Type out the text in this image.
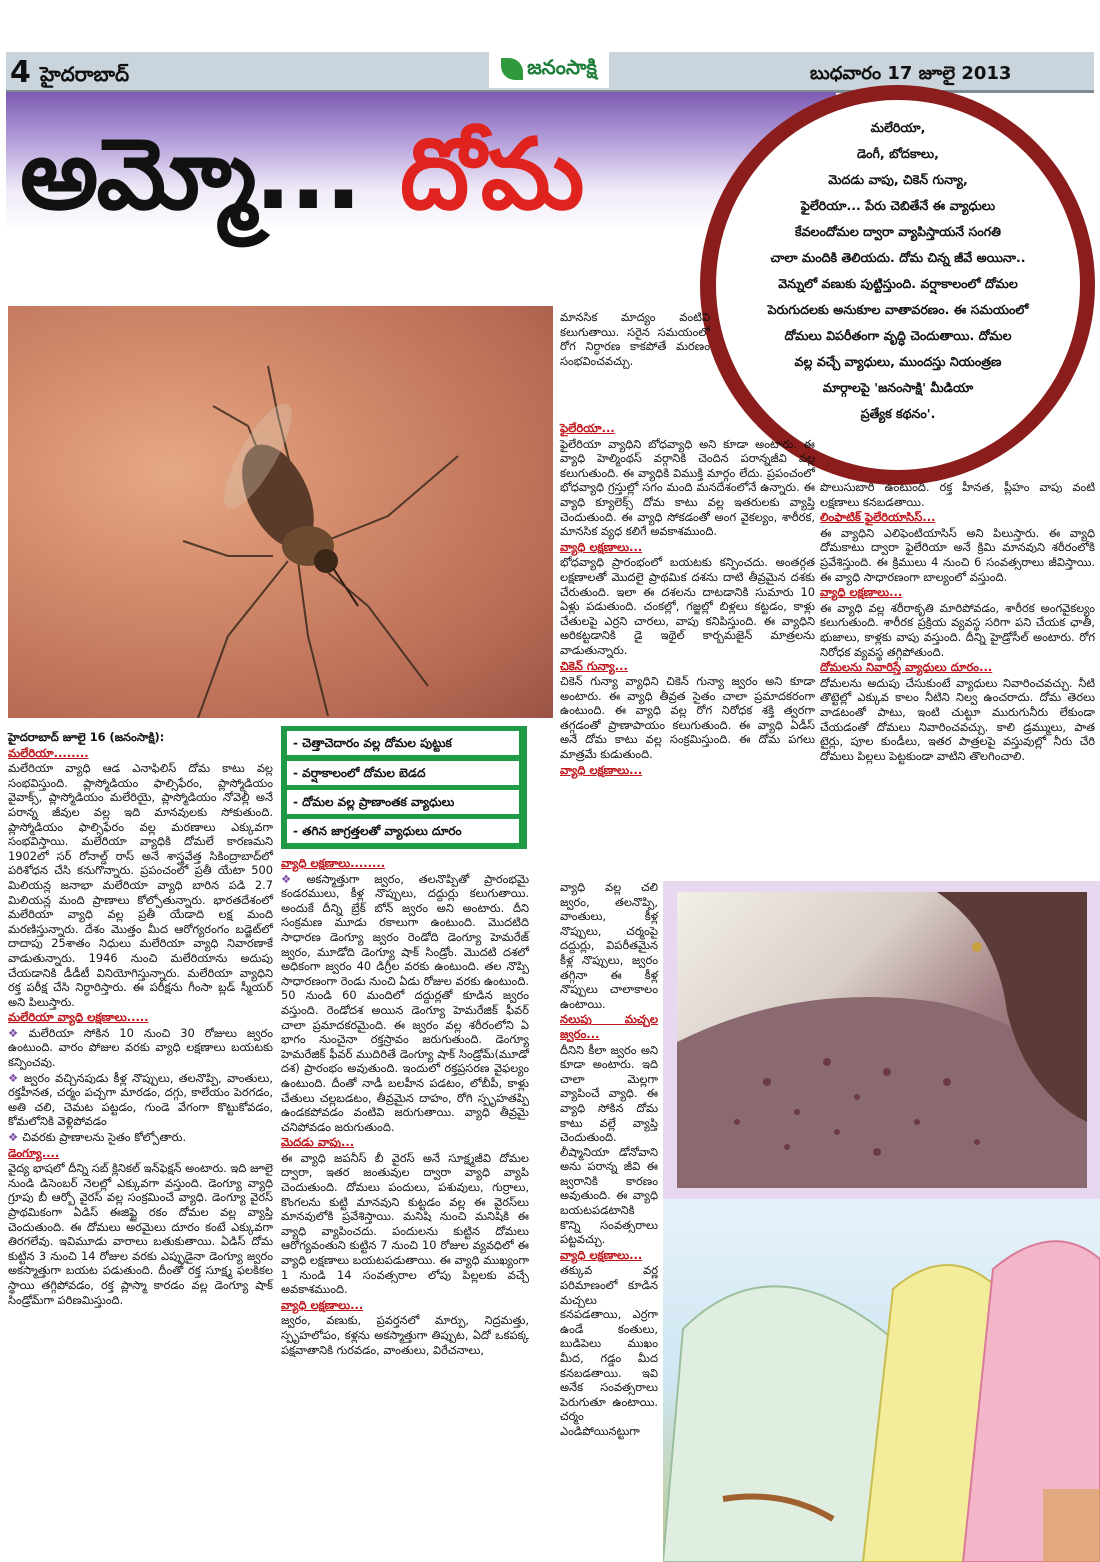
4 హైదరాబాద్	జనంసాక్షి	బుధవారం 17 జూలై 2013
అమ్మో... దోమ	మలేరియా,
డెంగీ, బోదకాలు,
మెదడు వాపు, చికెన్ గున్యా,
ఫైలేరియా... పేరు చెబితేనే ఈ వ్యాధులు
కేవలందోమల ద్వారా వ్యాపిస్తాయనే సంగతి
చాలా మందికి తెలియదు. దోమ చిన్న జీవే అయినా..
వెన్నులో వణుకు పుట్టిస్తుంది. వర్షాకాలంలో దోమల
పెరుగుదలకు అనుకూల వాతావరణం. ఈ సమయంలో
దోమలు విపరీతంగా వృద్ధి చెందుతాయి. దోమల
వల్ల వచ్చే వ్యాధులు, ముందస్తు నియంత్రణ
మార్గాలపై 'జనంసాక్షి' మీడియా
ప్రత్యేక కథనం'.
- చెత్తాచెదారం వల్ల దోమల పుట్టుక
- వర్షాకాలంలో దోమల బెడద
- దోమల వల్ల ప్రాణాంతక వ్యాధులు
- తగిన జాగ్రత్తలతో వ్యాధులు దూరం

హైదరాబాద్ జూలై 16 (జనంసాక్షి):

మలేరియా........

మలేరియా వ్యాధి ఆడ ఎనాఫిలిస్ దోమ కాటు వల్ల సంభవిస్తుంది. ప్లాస్మోడియం ఫాల్సిఫేరం, ప్లాస్మోడియం వైవాక్స్, ప్లాస్మోడియం మలేరియై, ప్లాస్మోడియం నోవెల్లీ అనే పరాన్న జీవుల వల్ల ఇది మానవులకు సోకుతుంది. ప్లాస్మోడియం ఫాల్సిఫేరం వల్ల మరణాలు ఎక్కువగా సంభవిస్తాయి. మలేరియా వ్యాధికి దోమలే కారణమని 1902లో సర్ రోనాల్డ్ రాస్ అనే శాస్త్రవేత్త సికింద్రాబాద్‌లో పరిశోధన చేసి కనుగొన్నారు. ప్రపంచంలో ప్రతీ యేటా 500 మిలియన్ల జనాభా మలేరియా వ్యాధి బారిన పడి 2.7 మిలియన్ల మంది ప్రాణాలు కోల్పోతున్నారు. భారతదేశంలో మలేరియా వ్యాధి వల్ల ప్రతీ యేడాది లక్ష మంది మరణిస్తున్నారు. దేశం మొత్తం మీద ఆరోగ్యరంగం బడ్జెట్‌లో దాదాపు 25శాతం నిధులు మలేరియా వ్యాధి నివారణాకే వాడుతున్నారు. 1946 నుంచి మలేరియాను అదుపు చేయడానికి డీడీటీ వినియోగిస్తున్నారు. మలేరియా వ్యాధిని రక్త పరీక్ష చేసి నిర్ధారిస్తారు. ఈ పరీక్షను గీంసా బ్లడ్ స్మీయర్ అని పిలుస్తారు.

మలేరియా వ్యాధి లక్షణాలు.....

❖ మలేరియా సోకిన 10 నుంచి 30 రోజులు జ్వరం ఉంటుంది. వారం పోజుల వరకు వ్యాధి లక్షణాలు బయటకు కన్పించవు.

❖ జ్వరం వచ్చినపుడు కీళ్ల నొప్పులు, తలనొప్పి, వాంతులు, రక్తహీనత, చర్మం పచ్చగా మారడం, దగ్గు, కాలేయం పెరగడం, అతి చలి, చెమట పట్టడం, గుండె వేగంగా కొట్టుకోవడం, కోమలోనికి వెళ్లిపోవడం

❖ చివరకు ప్రాణాలను సైతం కోల్పోతారు.

డెంగ్యూ....

వైద్య భాషలో దీన్ని సబ్ క్లినికల్ ఇన్‌ఫెక్షన్ అంటారు. ఇది జూలై నుండి డిసెంబర్ నెలల్లో ఎక్కువగా వస్తుంది. డెంగ్యూ వ్యాధి గ్రూపు బీ ఆర్బో వైరస్ వల్ల సంక్రమించే వ్యాధి. డెంగ్యూ వైరస్ ప్రాథమికంగా ఏడిస్ ఈజిప్టై రకం దోమల వల్ల వ్యాప్తి చెందుతుంది. ఈ దోమలు అరమైలు దూరం కంటే ఎక్కువగా తిరగలేవు. ఇవిమూడు వారాలు బతుకుతాయి. ఏడిస్ దోమ కుట్టిన 3 నుంచి 14 రోజుల వరకు ఎప్పుడైనా డెంగ్యూ జ్వరం అకస్మాత్తుగా బయట పడుతుంది. దీంతో రక్త సూక్ష్మ ఫలకికల స్థాయి తగ్గిపోవడం, రక్త ప్లాస్మా కారడం వల్ల డెంగ్యూ షాక్ సిండ్రోమ్‌గా పరిణమిస్తుంది.

వ్యాధి లక్షణాలు........

❖ అకస్మాత్తుగా జ్వరం, తలనొప్పితో ప్రారంభమై కండరములు, కీళ్ల నొప్పులు, దద్దుర్లు కలుగుతాయి. అందుకే దీన్ని బ్రేక్ బోన్ జ్వరం అని అంటారు. దీని సంక్రమణ మూడు రకాలుగా ఉంటుంది. మొదటిది సాధారణ డెంగ్యూ జ్వరం రెండోది డెంగ్యూ హెమరేజ్ జ్వరం, మూడోది డెంగ్యూ షాక్ సిండ్రోం. మొదటి దశలో అధికంగా జ్వరం 40 డిగ్రీల వరకు ఉంటుంది. తల నొప్పి సాధారణంగా రెండు నుంచి ఏడు రోజుల వరకు ఉంటుంది. 50 నుండి 60 మందిలో దద్దుర్లతో కూడిన జ్వరం వస్తుంది. రెండోదశ అయిన డెంగ్యూ హెమరేజిక్ ఫీవర్ చాలా ప్రమాదకరమైంది. ఈ జ్వరం వల్ల శరీరంలోని ఏ భాగం నుంచైనా రక్తస్రావం జరుగుతుంది. డెంగ్యూ హెమరేజిక్ ఫీవర్ ముదిరితే డెంగ్యూ షాక్ సిండ్రోమ్(మూడో దశ) ప్రారంభం అవుతుంది. ఇందులో రక్తప్రసరణ వైఫల్యం ఉంటుంది. దీంతో నాడీ బలహీన పడటం, లోబీపీ, కాళ్లు చేతులు చల్లబడటం, తీవ్రమైన దాహం, రోగి స్పృహతప్పి ఉండకపోవడం వంటివి జరుగుతాయి. వ్యాధి తీవ్రమై చనిపోవడం జరుగుతుంది.

మెదడు వాపు...

ఈ వ్యాధి జపనీస్ బీ వైరస్ అనే సూక్ష్మజీవి దోమల ద్వారా, ఇతర జంతువుల ద్వారా వ్యాధి వ్యాపి చెందుతుంది. దోమలు పందులు, పశువులు, గుర్రాలు, కొంగలను కుట్టి మానవుని కుట్టడం వల్ల ఈ వైరస్‌లు మానవులోకి ప్రవేశిస్తాయి. మనిషి నుంచి మనిషికి ఈ వ్యాధి వ్యాపించదు. పందులను కుట్టిన దోమలు ఆరోగ్యవంతుని కుట్టిన 7 నుంచి 10 రోజుల వ్యవధిలో ఈ వ్యాధి లక్షణాలు బయటపడుతాయి. ఈ వ్యాధి ముఖ్యంగా 1 నుండి 14 సంవత్సరాల లోపు పిల్లలకు వచ్చే అవకాశముంది.

వ్యాధి లక్షణాలు...

జ్వరం, వణుకు, ప్రవర్తనలో మార్పు, నిద్రమత్తు, స్పృహలోపం, కళ్లను అకస్మాత్తుగా తిప్పుట, ఏదో ఒకపక్క పక్షవాతానికి గురవడం, వాంతులు, విరేచనాలు,

మానసిక మాద్యం వంటివి కలుగుతాయి. సరైన సమయంలో రోగ నిర్ధారణ కాకపోతే మరణం సంభవించవచ్చు.

ఫైలేరియా...

ఫైలేరియా వ్యాధిని బోధవ్యాధి అని కూడా అంటారు. ఈ వ్యాధి హెల్మింథస్ వర్గానికి చెందిన పరాన్నజీవి వల్ల కలుగుతుంది. ఈ వ్యాధికి విముక్తి మార్గం లేదు. ప్రపంచంలో భోధవ్యాధి గ్రస్తుల్లో సగం మంది మనదేశంలోనే ఉన్నారు. ఈ వ్యాధి క్యూలెక్స్ దోమ కాటు వల్ల ఇతరులకు వ్యాప్తి చెందుతుంది. ఈ వ్యాధి సోకడంతో అంగ వైకల్యం, శారీరక, మానసిక వ్యధ కలిగే అవకాశముంది.

వ్యాధి లక్షణాలు...

భోధవ్యాధి ప్రారంభంలో బయటకు కన్పించదు. అంతర్గత లక్షణాలతో మొదలై ప్రాథమిక దశను దాటి తీవ్రమైన దశకు చేరుతుంది. ఇలా ఈ దశలను దాటడానికి సుమారు 10 ఏళ్లు పడుతుంది. చంకల్లో, గజ్జల్లో బిళ్లలు కట్టడం, కాళ్లు చేతులపై ఎర్రని చారలు, వాపు కనిపిస్తుంది. ఈ వ్యాధిని అరికట్టడానికి డై ఇథైల్ కార్బమజైన్ మాత్రలను వాడుతున్నారు.

చికెన్ గున్యా...

చికెన్ గున్యా వ్యాధిని చికెన్ గున్యా జ్వరం అని కూడా అంటారు. ఈ వ్యాధి తీవ్రత సైతం చాలా ప్రమాదకరంగా ఉంటుంది. ఈ వ్యాధి వల్ల రోగ నిరోధక శక్తి త్వరగా తగ్గడంతో ప్రాణాపాయం కలుగుతుంది. ఈ వ్యాధి ఏడీస్ అనే దోమ కాటు వల్ల సంక్రమిస్తుంది. ఈ దోమ పగలు మాత్రమే కుడుతుంది.

వ్యాధి లక్షణాలు...

వ్యాధి వల్ల చలి జ్వరం, తలనొప్పి, వాంతులు, కీళ్ల నొప్పులు, చర్మంపై దద్దుర్లు, విపరీతమైన కీళ్ల నొప్పులు, జ్వరం తగ్గినా ఈ కీళ్ల నొప్పులు చాలాకాలం ఉంటాయి.

నలుపు మచ్చల జ్వరం...

దీనిని కీలా జ్వరం అని కూడా అంటారు. ఇది చాలా మెల్లగా వ్యాపించే వ్యాధి. ఈ వ్యాధి సోకిన దోమ కాటు వల్లే వ్యాప్తి చెందుతుంది. లీష్మానియా డోనోవాని అను పరాన్న జీవి ఈ జ్వరానికి కారణం అవుతుంది. ఈ వ్యాధి బయటపడటానికి కొన్ని సంవత్సరాలు పట్టవచ్చు.

వ్యాధి లక్షణాలు...

తక్కువ వర్ణ పరిమాణంలో కూడిన మచ్చలు కనపడతాయి, ఎర్రగా ఉండే కంతులు, బుడిపెలు ముఖం మీద, గడ్డం మీద కనబడతాయి. ఇవి అనేక సంవత్సరాలు పెరుగుతూ ఉంటాయి. చర్మం ఎండిపోయినట్టుగా

పొలుసుబారి ఉంటుంది. రక్త హీనత, ప్లీహం వాపు వంటి లక్షణాలు కనబడతాయి.

లింఫాటిక్ ఫైలేరియాసిస్...

ఈ వ్యాధిని ఎలిఫెంటియాసిస్ అని పిలుస్తారు. ఈ వ్యాధి దోమకాటు ద్వారా ఫైలేరియా అనే క్రిమి మానవుని శరీరంలోకి ప్రవేశిస్తుంది. ఈ క్రిములు 4 నుంచి 6 సంవత్సరాలు జీవిస్తాయి. ఈ వ్యాధి సాధారణంగా బాల్యంలో వస్తుంది.

వ్యాధి లక్షణాలు...

ఈ వ్యాధి వల్ల శరీరాకృతి మారిపోవడం, శారీరక అంగవైకల్యం కలుగుతుంది. శారీరక ప్రక్రియ వ్యవస్థ సరిగా పని చేయక ఛాతీ, భుజాలు, కాళ్లకు వాపు వస్తుంది. దీన్ని హైడ్రోసీల్ అంటారు. రోగ నిరోధక వ్యవస్థ తగ్గిపోతుంది.

దోమలను నివారిస్తే వ్యాధులు దూరం...

దోమలను అదుపు చేసుకుంటే వ్యాధులు నివారించవచ్చు. నీటి తొట్టెల్లో ఎక్కువ కాలం నీటిని నిల్వ ఉంచరాదు. దోమ తెరలు వాడటంతో పాటు, ఇంటి చుట్టూ మురుగునీరు లేకుండా చేయడంతో దోమలు నివారించవచ్చు. కాలి డ్రమ్ములు, పాత టైర్లు, పూల కుండీలు, ఇతర పాత్రలపై వస్తువుల్లో నీరు చేరి దోమలు పిల్లలు పెట్టకుండా వాటిని తొలగించాలి.
